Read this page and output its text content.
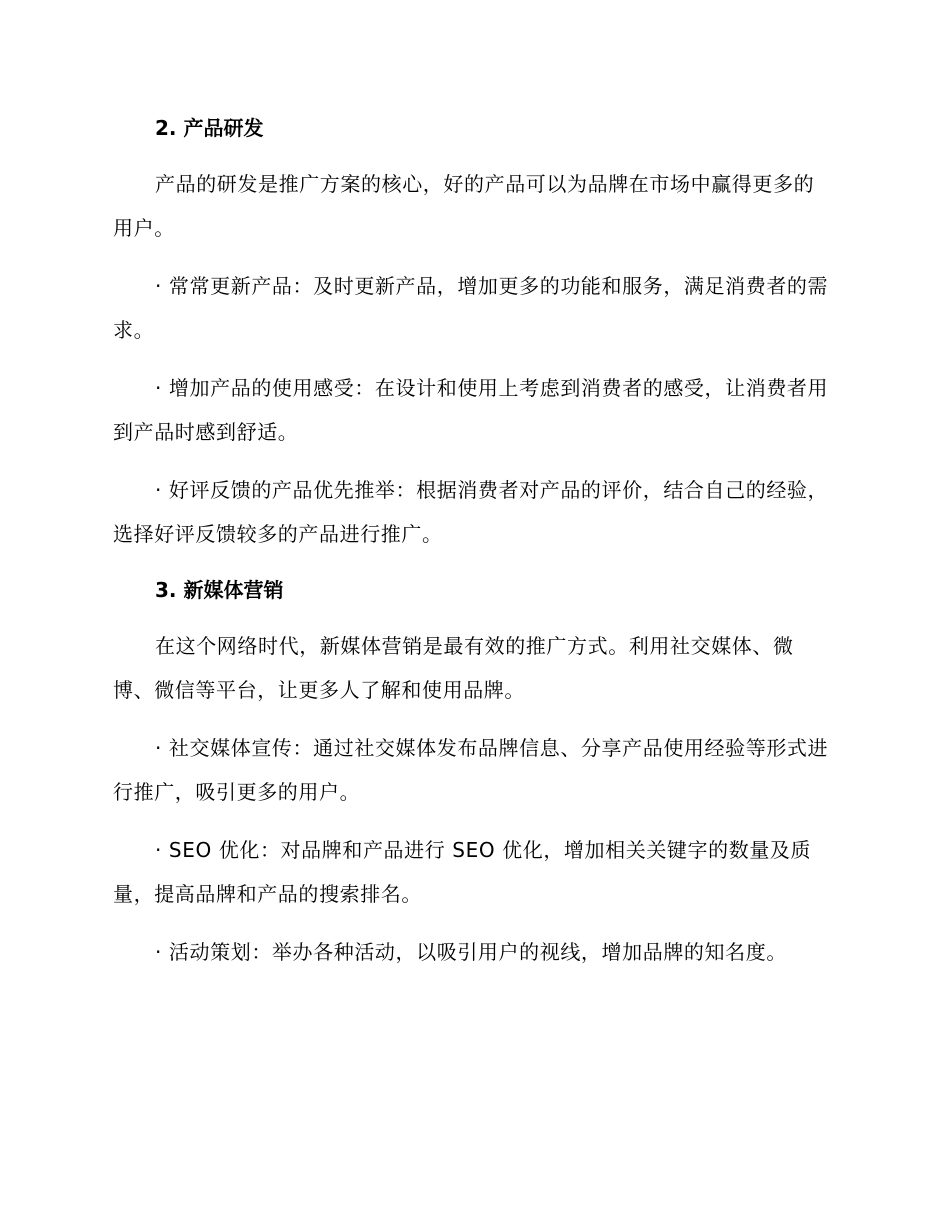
2. 产品研发

产品的研发是推广方案的核心，好的产品可以为品牌在市场中赢得更多的用户。

· 常常更新产品：及时更新产品，增加更多的功能和服务，满足消费者的需求。

· 增加产品的使用感受：在设计和使用上考虑到消费者的感受，让消费者用到产品时感到舒适。

· 好评反馈的产品优先推举：根据消费者对产品的评价，结合自己的经验，选择好评反馈较多的产品进行推广。

3. 新媒体营销

在这个网络时代，新媒体营销是最有效的推广方式。利用社交媒体、微博、微信等平台，让更多人了解和使用品牌。

· 社交媒体宣传：通过社交媒体发布品牌信息、分享产品使用经验等形式进行推广，吸引更多的用户。

· SEO 优化：对品牌和产品进行 SEO 优化，增加相关关键字的数量及质量，提高品牌和产品的搜索排名。

· 活动策划：举办各种活动，以吸引用户的视线，增加品牌的知名度。
